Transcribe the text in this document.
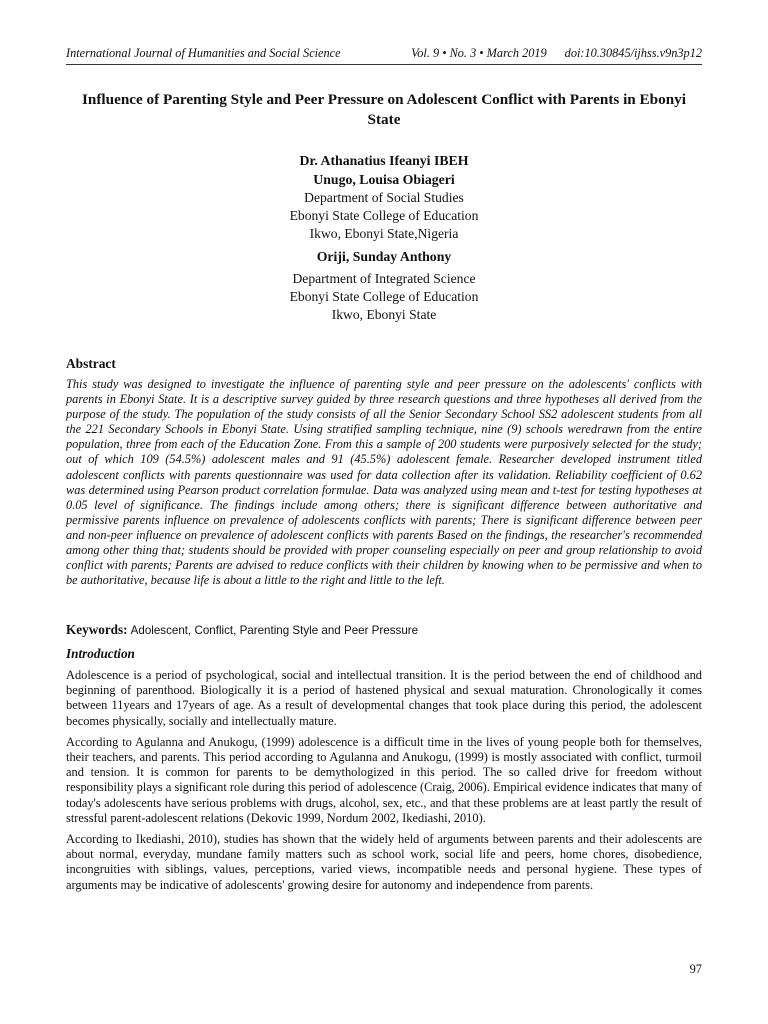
International Journal of Humanities and Social Science	Vol. 9 • No. 3 • March 2019 doi:10.30845/ijhss.v9n3p12
Influence of Parenting Style and Peer Pressure on Adolescent Conflict with Parents in Ebonyi State
Dr. Athanatius Ifeanyi IBEH
Unugo, Louisa Obiageri
Department of Social Studies
Ebonyi State College of Education
Ikwo, Ebonyi State,Nigeria
Oriji, Sunday Anthony
Department of Integrated Science
Ebonyi State College of Education
Ikwo, Ebonyi State
Abstract
This study was designed to investigate the influence of parenting style and peer pressure on the adolescents' conflicts with parents in Ebonyi State. It is a descriptive survey guided by three research questions and three hypotheses all derived from the purpose of the study. The population of the study consists of all the Senior Secondary School SS2 adolescent students from all the 221 Secondary Schools in Ebonyi State. Using stratified sampling technique, nine (9) schools weredrawn from the entire population, three from each of the Education Zone. From this a sample of 200 students were purposively selected for the study; out of which 109 (54.5%) adolescent males and 91 (45.5%) adolescent female. Researcher developed instrument titled adolescent conflicts with parents questionnaire was used for data collection after its validation. Reliability coefficient of 0.62 was determined using Pearson product correlation formulae. Data was analyzed using mean and t-test for testing hypotheses at 0.05 level of significance. The findings include among others; there is significant difference between authoritative and permissive parents influence on prevalence of adolescents conflicts with parents; There is significant difference between peer and non-peer influence on prevalence of adolescent conflicts with parents Based on the findings, the researcher's recommended among other thing that; students should be provided with proper counseling especially on peer and group relationship to avoid conflict with parents; Parents are advised to reduce conflicts with their children by knowing when to be permissive and when to be authoritative, because life is about a little to the right and little to the left.
Keywords: Adolescent, Conflict, Parenting Style and Peer Pressure
Introduction

Adolescence is a period of psychological, social and intellectual transition. It is the period between the end of childhood and beginning of parenthood. Biologically it is a period of hastened physical and sexual maturation. Chronologically it comes between 11years and 17years of age. As a result of developmental changes that took place during this period, the adolescent becomes physically, socially and intellectually mature.

According to Agulanna and Anukogu, (1999) adolescence is a difficult time in the lives of young people both for themselves, their teachers, and parents. This period according to Agulanna and Anukogu, (1999) is mostly associated with conflict, turmoil and tension. It is common for parents to be demythologized in this period. The so called drive for freedom without responsibility plays a significant role during this period of adolescence (Craig, 2006). Empirical evidence indicates that many of today's adolescents have serious problems with drugs, alcohol, sex, etc., and that these problems are at least partly the result of stressful parent-adolescent relations (Dekovic 1999, Nordum 2002, Ikediashi, 2010).

According to Ikediashi, 2010), studies has shown that the widely held of arguments between parents and their adolescents are about normal, everyday, mundane family matters such as school work, social life and peers, home chores, disobedience, incongruities with siblings, values, perceptions, varied views, incompatible needs and personal hygiene. These types of arguments may be indicative of adolescents' growing desire for autonomy and independence from parents.

97
